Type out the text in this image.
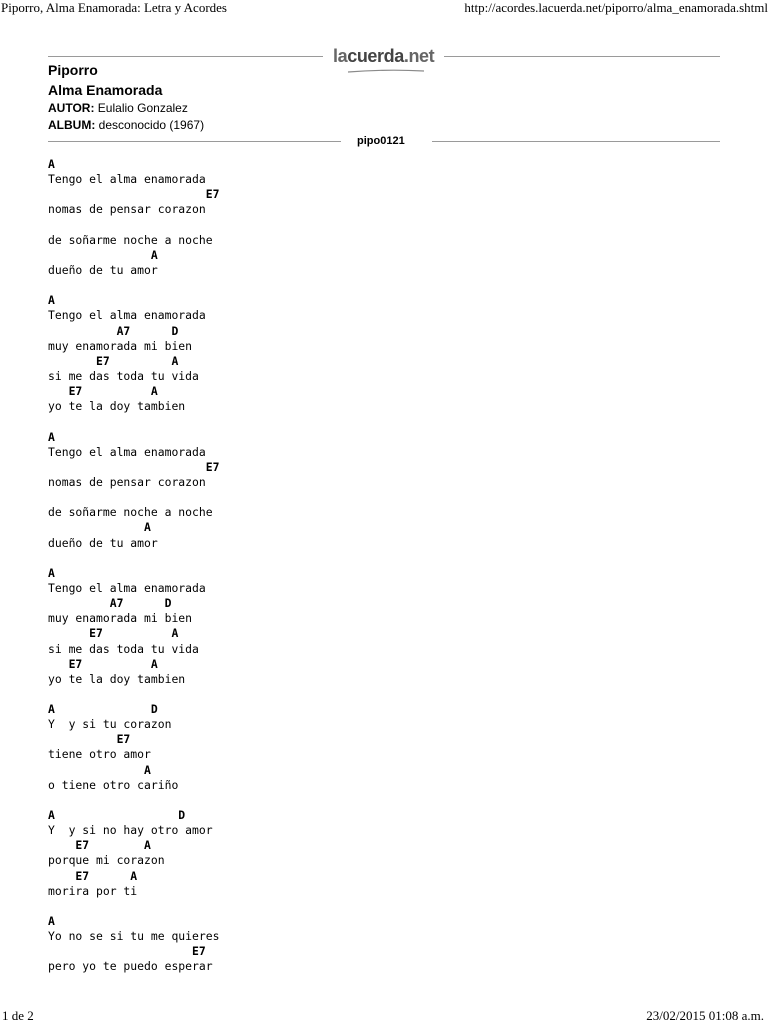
Piporro, Alma Enamorada: Letra y Acordes	http://acordes.lacuerda.net/piporro/alma_enamorada.shtml
lacuerda.net
Piporro
Alma Enamorada
AUTOR: Eulalio Gonzalez
ALBUM: desconocido (1967)
pipo0121
A
Tengo el alma enamorada
E7
nomas de pensar corazon
de soñarme noche a noche
A
dueño de tu amor
A
Tengo el alma enamorada
A7      D
muy enamorada mi bien
E7         A
si me das toda tu vida
E7          A
yo te la doy tambien
A
Tengo el alma enamorada
E7
nomas de pensar corazon
de soñarme noche a noche
A
dueño de tu amor
A
Tengo el alma enamorada
A7      D
muy enamorada mi bien
E7          A
si me das toda tu vida
E7          A
yo te la doy tambien
A              D
Y  y si tu corazon
E7
tiene otro amor
A
o tiene otro cariño
A                  D
Y  y si no hay otro amor
E7        A
porque mi corazon
E7      A
morira por ti
A
Yo no se si tu me quieres
E7
pero yo te puedo esperar
1 de 2	23/02/2015 01:08 a.m.
